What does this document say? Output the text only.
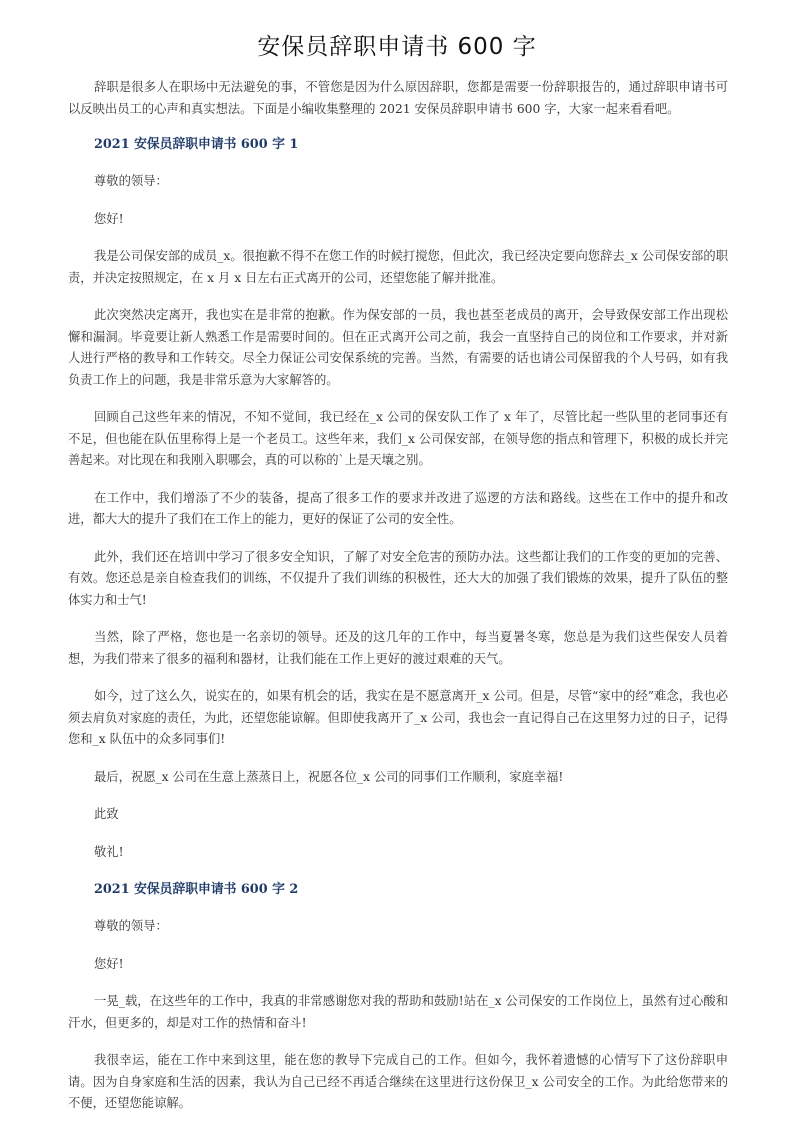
安保员辞职申请书 600 字

辞职是很多人在职场中无法避免的事，不管您是因为什么原因辞职，您都是需要一份辞职报告的，通过辞职申请书可以反映出员工的心声和真实想法。下面是小编收集整理的 2021 安保员辞职申请书 600 字，大家一起来看看吧。

2021 安保员辞职申请书 600 字 1

尊敬的领导：

您好!

我是公司保安部的成员_x。很抱歉不得不在您工作的时候打搅您，但此次，我已经决定要向您辞去_x 公司保安部的职责，并决定按照规定，在 x 月 x 日左右正式离开的公司，还望您能了解并批准。

此次突然决定离开，我也实在是非常的抱歉。作为保安部的一员，我也甚至老成员的离开，会导致保安部工作出现松懈和漏洞。毕竟要让新人熟悉工作是需要时间的。但在正式离开公司之前，我会一直坚持自己的岗位和工作要求，并对新人进行严格的教导和工作转交。尽全力保证公司安保系统的完善。当然，有需要的话也请公司保留我的个人号码，如有我负责工作上的问题，我是非常乐意为大家解答的。

回顾自己这些年来的情况，不知不觉间，我已经在_x 公司的保安队工作了 x 年了，尽管比起一些队里的老同事还有不足，但也能在队伍里称得上是一个老员工。这些年来，我们_x 公司保安部，在领导您的指点和管理下，积极的成长并完善起来。对比现在和我刚入职哪会，真的可以称的`上是天壤之别。

在工作中，我们增添了不少的装备，提高了很多工作的要求并改进了巡逻的方法和路线。这些在工作中的提升和改进，都大大的提升了我们在工作上的能力，更好的保证了公司的安全性。

此外，我们还在培训中学习了很多安全知识，了解了对安全危害的预防办法。这些都让我们的工作变的更加的完善、有效。您还总是亲自检查我们的训练，不仅提升了我们训练的积极性，还大大的加强了我们锻炼的效果，提升了队伍的整体实力和士气!

当然，除了严格，您也是一名亲切的领导。还及的这几年的工作中，每当夏暑冬寒，您总是为我们这些保安人员着想，为我们带来了很多的福利和器材，让我们能在工作上更好的渡过艰难的天气。

如今，过了这么久，说实在的，如果有机会的话，我实在是不愿意离开_x 公司。但是，尽管“家中的经”难念，我也必须去肩负对家庭的责任，为此，还望您能谅解。但即使我离开了_x 公司，我也会一直记得自己在这里努力过的日子，记得您和_x 队伍中的众多同事们!

最后，祝愿_x 公司在生意上蒸蒸日上，祝愿各位_x 公司的同事们工作顺利，家庭幸福!

此致

敬礼!

2021 安保员辞职申请书 600 字 2

尊敬的领导：

您好!

一晃_载，在这些年的工作中，我真的非常感谢您对我的帮助和鼓励!站在_x 公司保安的工作岗位上，虽然有过心酸和汗水，但更多的，却是对工作的热情和奋斗!

我很幸运，能在工作中来到这里，能在您的教导下完成自己的工作。但如今，我怀着遗憾的心情写下了这份辞职申请。因为自身家庭和生活的因素，我认为自己已经不再适合继续在这里进行这份保卫_x 公司安全的工作。为此给您带来的不便，还望您能谅解。
